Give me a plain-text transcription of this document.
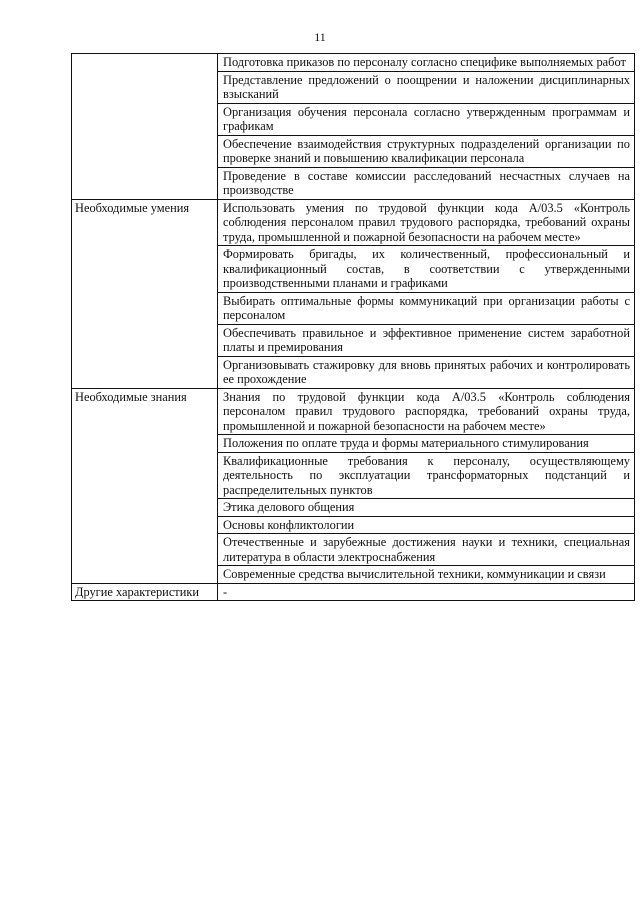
11
	Подготовка приказов по персоналу согласно специфике выполняемых работ
	Представление предложений о поощрении и наложении дисциплинарных взысканий
	Организация обучения персонала согласно утвержденным программам и графикам
	Обеспечение взаимодействия структурных подразделений организации по проверке знаний и повышению квалификации персонала
	Проведение в составе комиссии расследований несчастных случаев на производстве
Необходимые умения	Использовать умения по трудовой функции кода А/03.5 «Контроль соблюдения персоналом правил трудового распорядка, требований охраны труда, промышленной и пожарной безопасности на рабочем месте»
	Формировать бригады, их количественный, профессиональный и квалификационный состав, в соответствии с утвержденными производственными планами и графиками
	Выбирать оптимальные формы коммуникаций при организации работы с персоналом
	Обеспечивать правильное и эффективное применение систем заработной платы и премирования
	Организовывать стажировку для вновь принятых рабочих и контролировать ее прохождение
Необходимые знания	Знания по трудовой функции кода А/03.5 «Контроль соблюдения персоналом правил трудового распорядка, требований охраны труда, промышленной и пожарной безопасности на рабочем месте»
	Положения по оплате труда и формы материального стимулирования
	Квалификационные требования к персоналу, осуществляющему деятельность по эксплуатации трансформаторных подстанций и распределительных пунктов
	Этика делового общения
	Основы конфликтологии
	Отечественные и зарубежные достижения науки и техники, специальная литература в области электроснабжения
	Современные средства вычислительной техники, коммуникации и связи
Другие характеристики	-
